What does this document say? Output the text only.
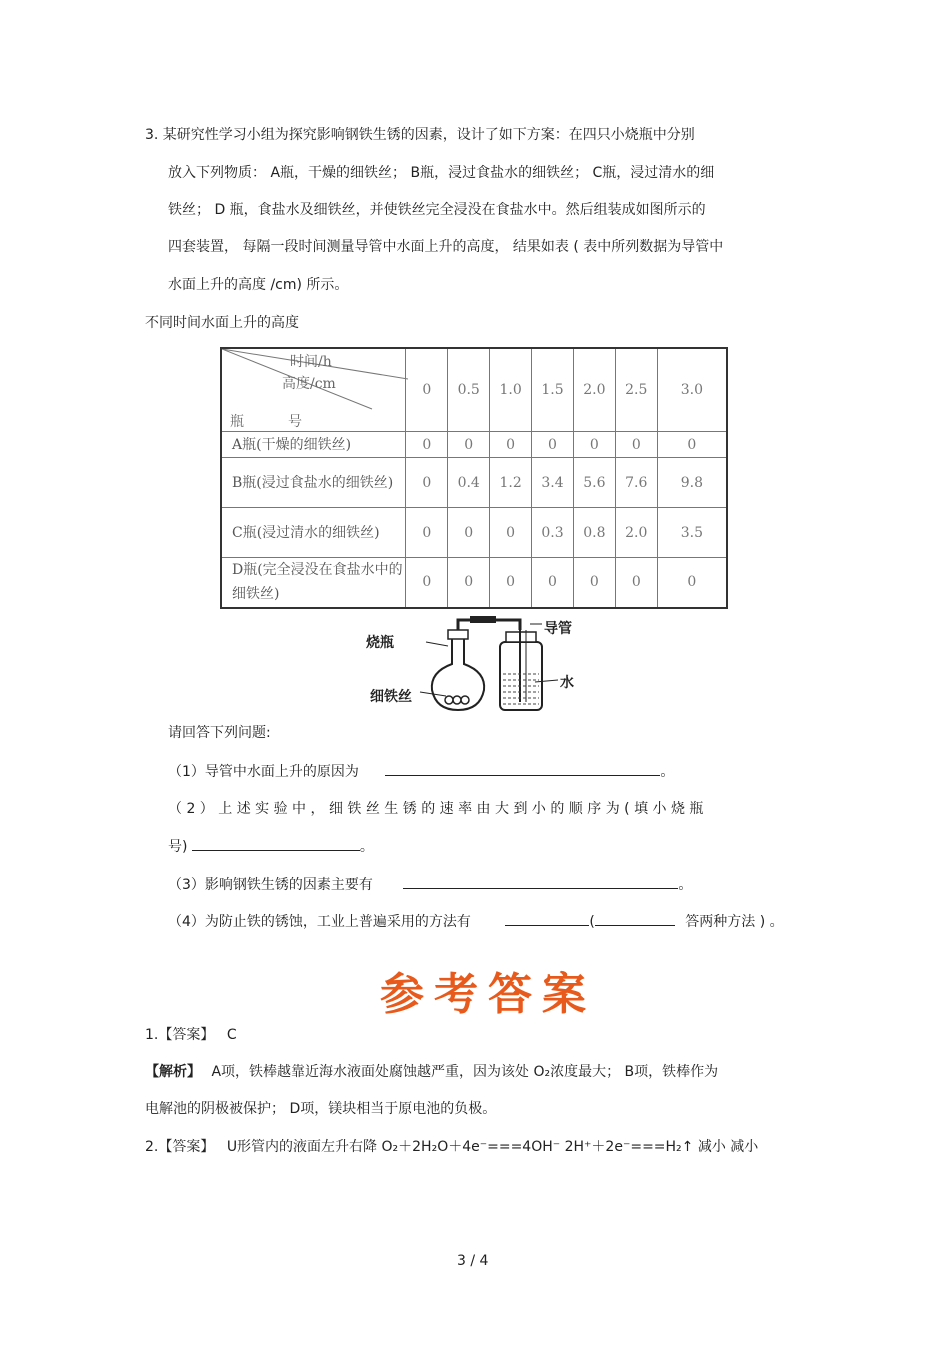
3. 某研究性学习小组为探究影响钢铁生锈的因素，设计了如下方案：在四只小烧瓶中分别
放入下列物质： A瓶，干燥的细铁丝； B瓶，浸过食盐水的细铁丝； C瓶，浸过清水的细
铁丝； D 瓶，食盐水及细铁丝，并使铁丝完全浸没在食盐水中。然后组装成如图所示的
四套装置， 每隔一段时间测量导管中水面上升的高度， 结果如表 ( 表中所列数据为导管中
水面上升的高度 /cm) 所示。
不同时间水面上升的高度
时间/h
高度/cm
瓶 号	0	0.5	1.0	1.5	2.0	2.5	3.0
A瓶(干燥的细铁丝)	0	0	0	0	0	0	0
B瓶(浸过食盐水的细铁丝)	0	0.4	1.2	3.4	5.6	7.6	9.8
C瓶(浸过清水的细铁丝)	0	0	0	0.3	0.8	2.0	3.5
D瓶(完全浸没在食盐水中的细铁丝)	0	0	0	0	0	0	0
烧瓶
导管
细铁丝
水
请回答下列问题:
（1）导管中水面上升的原因为	。
（ 2 ） 上 述 实 验 中 ， 细 铁 丝 生 锈 的 速 率 由 大 到 小 的 顺 序 为 ( 填 小 烧 瓶
号)	。
（3）影响钢铁生锈的因素主要有	。
（4）为防止铁的锈蚀，工业上普遍采用的方法有	(	答两种方法 ) 。
参考答案
1.【答案】 C
【解析】 A项，铁棒越靠近海水液面处腐蚀越严重，因为该处 O₂浓度最大； B项，铁棒作为
电解池的阴极被保护； D项，镁块相当于原电池的负极。
2.【答案】 U形管内的液面左升右降 O₂＋2H₂O＋4e⁻===4OH⁻ 2H⁺＋2e⁻===H₂↑ 减小 减小
3 / 4
